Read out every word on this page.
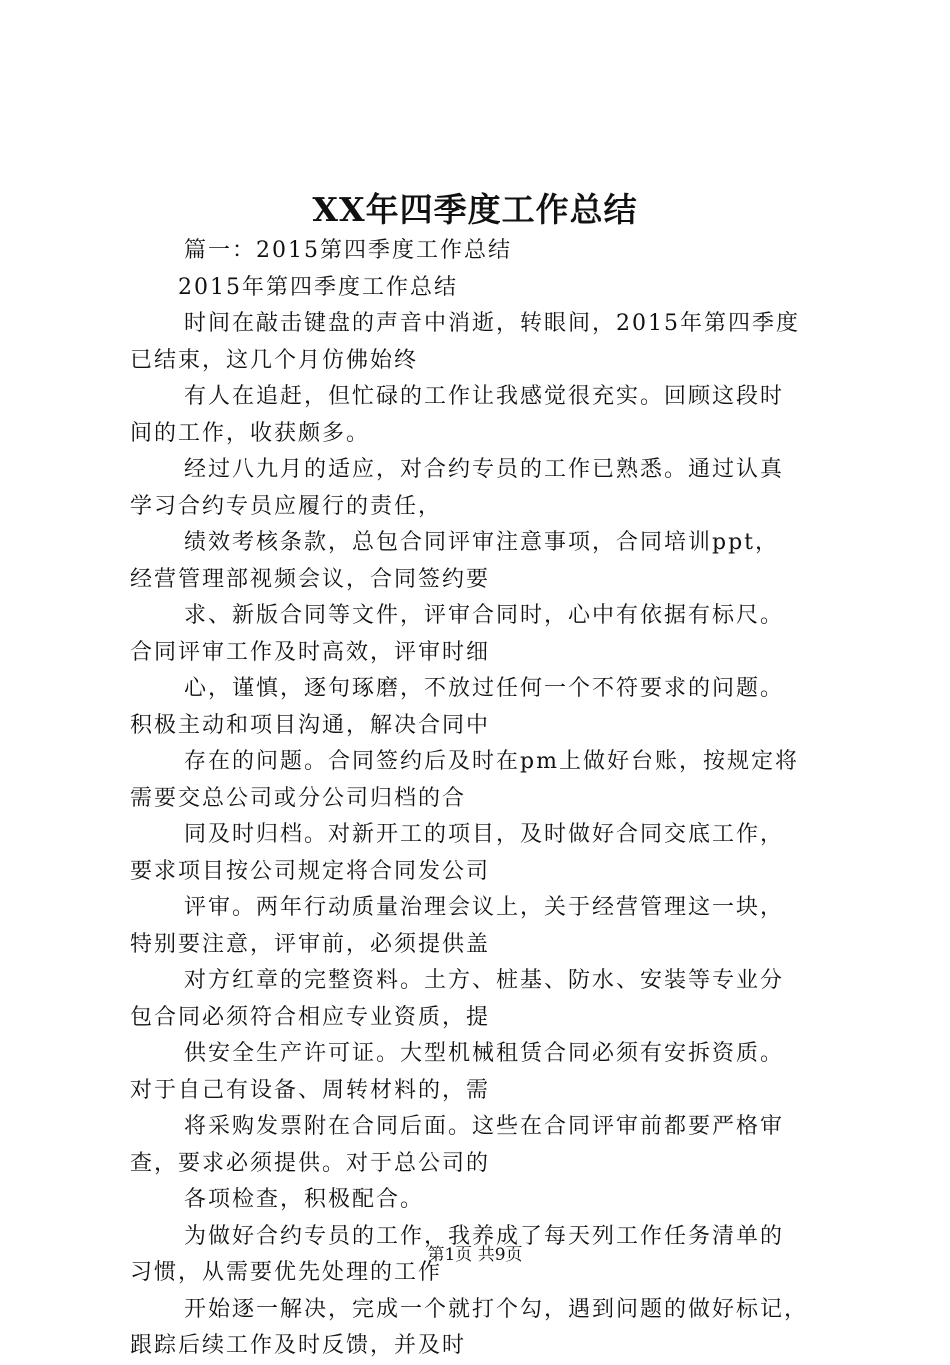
XX年四季度工作总结
篇一：2015第四季度工作总结
2015年第四季度工作总结
时间在敲击键盘的声音中消逝，转眼间，2015年第四季度
已结束，这几个月仿佛始终
有人在追赶，但忙碌的工作让我感觉很充实。回顾这段时
间的工作，收获颇多。
经过八九月的适应，对合约专员的工作已熟悉。通过认真
学习合约专员应履行的责任，
绩效考核条款，总包合同评审注意事项，合同培训ppt，
经营管理部视频会议，合同签约要
求、新版合同等文件，评审合同时，心中有依据有标尺。
合同评审工作及时高效，评审时细
心，谨慎，逐句琢磨，不放过任何一个不符要求的问题。
积极主动和项目沟通，解决合同中
存在的问题。合同签约后及时在pm上做好台账，按规定将
需要交总公司或分公司归档的合
同及时归档。对新开工的项目，及时做好合同交底工作，
要求项目按公司规定将合同发公司
评审。两年行动质量治理会议上，关于经营管理这一块，
特别要注意，评审前，必须提供盖
对方红章的完整资料。土方、桩基、防水、安装等专业分
包合同必须符合相应专业资质，提
供安全生产许可证。大型机械租赁合同必须有安拆资质。
对于自己有设备、周转材料的，需
将采购发票附在合同后面。这些在合同评审前都要严格审
查，要求必须提供。对于总公司的
各项检查，积极配合。
为做好合约专员的工作，我养成了每天列工作任务清单的
习惯，从需要优先处理的工作
开始逐一解决，完成一个就打个勾，遇到问题的做好标记，
跟踪后续工作及时反馈，并及时
第1页 共9页
